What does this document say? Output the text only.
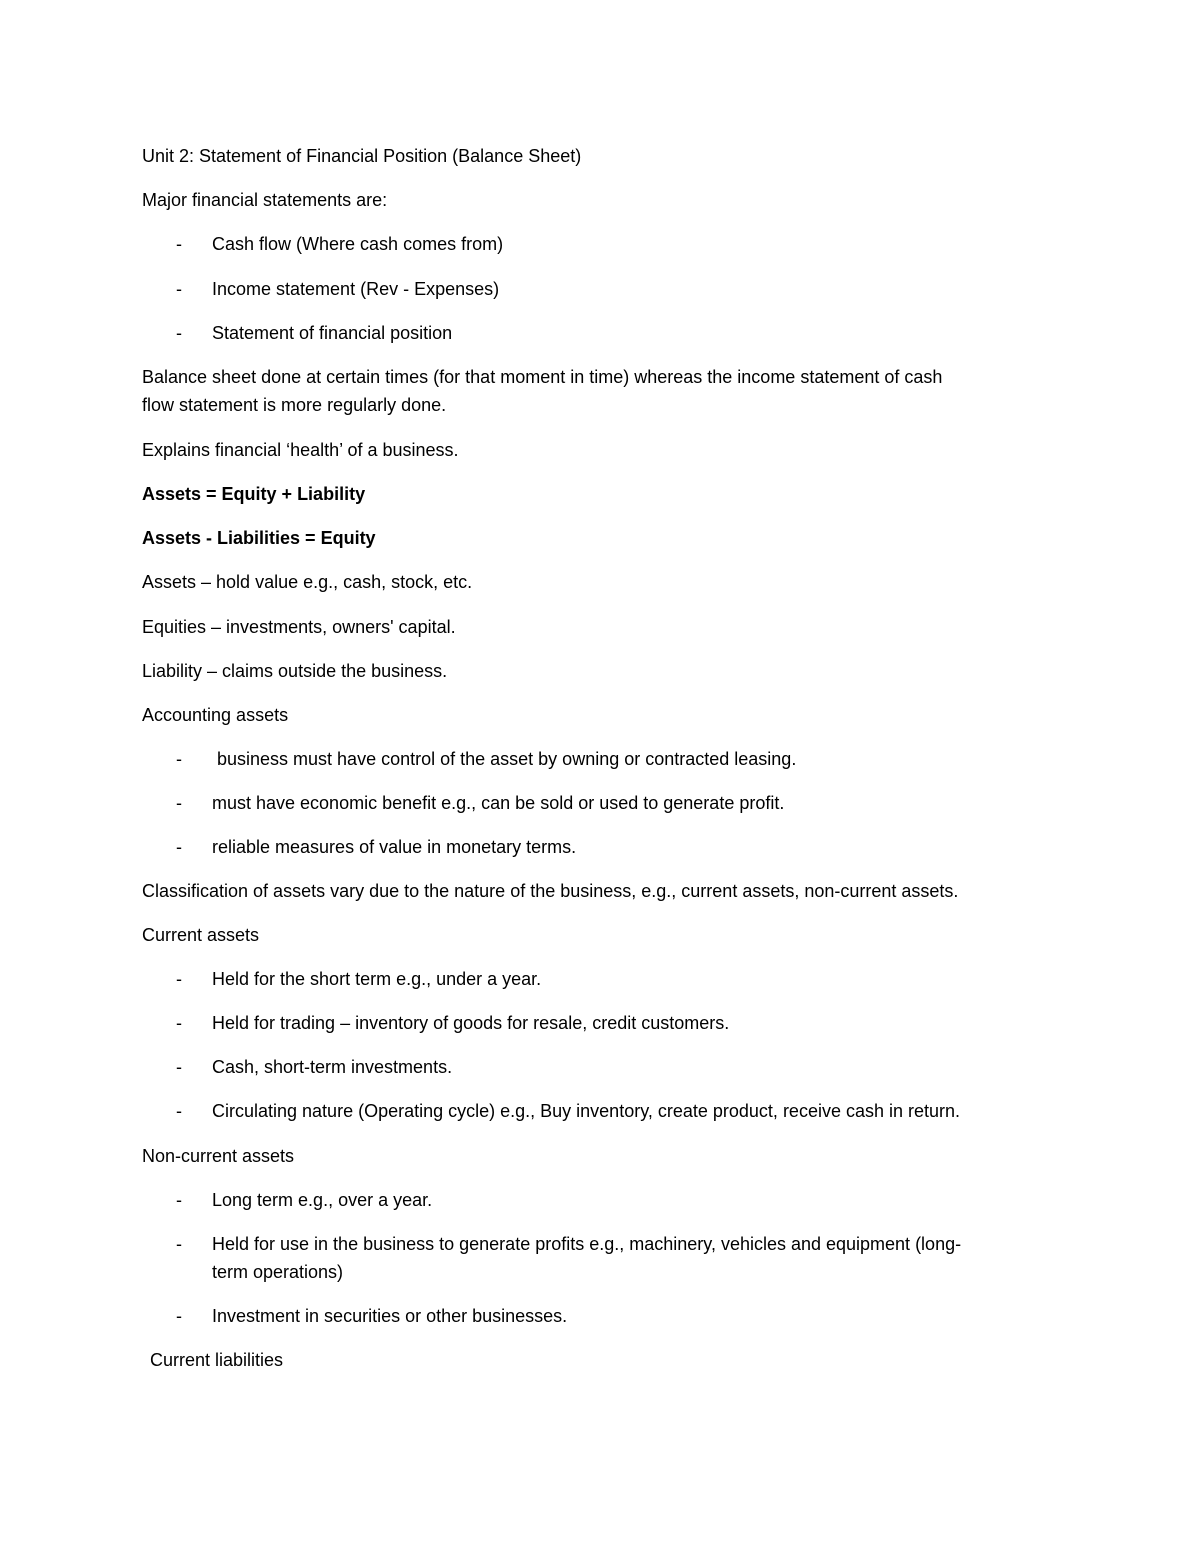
Unit 2: Statement of Financial Position (Balance Sheet)
Major financial statements are:
- Cash flow (Where cash comes from)
- Income statement (Rev - Expenses)
- Statement of financial position
Balance sheet done at certain times (for that moment in time) whereas the income statement of cash
flow statement is more regularly done.
Explains financial ‘health’ of a business.
Assets = Equity + Liability
Assets - Liabilities = Equity
Assets – hold value e.g., cash, stock, etc.
Equities – investments, owners' capital.
Liability – claims outside the business.
Accounting assets
- business must have control of the asset by owning or contracted leasing.
- must have economic benefit e.g., can be sold or used to generate profit.
- reliable measures of value in monetary terms.
Classification of assets vary due to the nature of the business, e.g., current assets, non-current assets.
Current assets
- Held for the short term e.g., under a year.
- Held for trading – inventory of goods for resale, credit customers.
- Cash, short-term investments.
- Circulating nature (Operating cycle) e.g., Buy inventory, create product, receive cash in return.
Non-current assets
- Long term e.g., over a year.
- Held for use in the business to generate profits e.g., machinery, vehicles and equipment (long-
term operations)
- Investment in securities or other businesses.
Current liabilities
